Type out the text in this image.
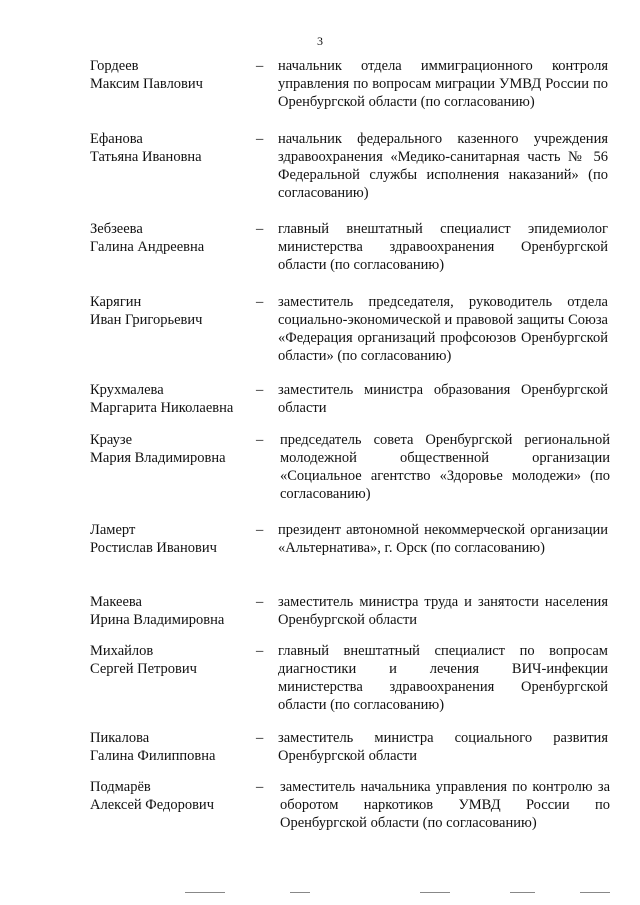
3
Гордеев
Максим Павлович
– начальник отдела иммиграционного контроля управления по вопросам миграции УМВД России по Оренбургской области (по согласованию)
Ефанова
Татьяна Ивановна
– начальник федерального казенного учреждения здравоохранения «Медико-санитарная часть № 56 Федеральной службы исполнения наказаний» (по согласованию)
Зебзеева
Галина Андреевна
– главный внештатный специалист эпидемиолог министерства здравоохранения Оренбургской области (по согласованию)
Карягин
Иван Григорьевич
– заместитель председателя, руководитель отдела социально-экономической и правовой защиты Союза «Федерация организаций профсоюзов Оренбургской области» (по согласованию)
Крухмалева
Маргарита Николаевна
– заместитель министра образования Оренбургской области
Краузе
Мария Владимировна
– председатель совета Оренбургской региональной молодежной общественной организации «Социальное агентство «Здоровье молодежи» (по согласованию)
Ламерт
Ростислав Иванович
– президент автономной некоммерческой организации «Альтернатива», г. Орск (по согласованию)
Макеева
Ирина Владимировна
– заместитель министра труда и занятости населения Оренбургской области
Михайлов
Сергей Петрович
– главный внештатный специалист по вопросам диагностики и лечения ВИЧ-инфекции министерства здравоохранения Оренбургской области (по согласованию)
Пикалова
Галина Филипповна
– заместитель министра социального развития Оренбургской области
Подмарёв
Алексей Федорович
– заместитель начальника управления по контролю за оборотом наркотиков УМВД России по Оренбургской области (по согласованию)
